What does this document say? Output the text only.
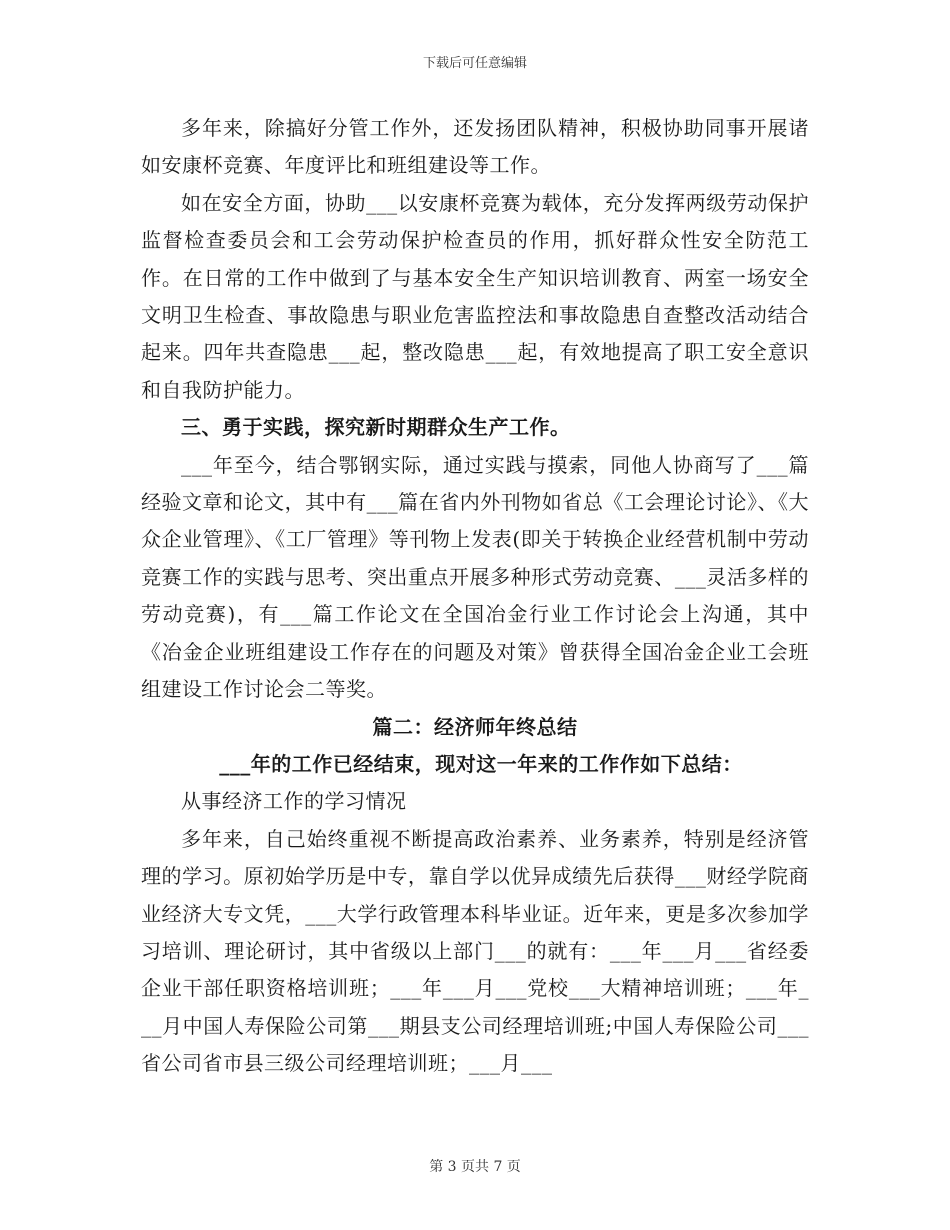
下载后可任意编辑

多年来，除搞好分管工作外，还发扬团队精神，积极协助同事开展诸如安康杯竞赛、年度评比和班组建设等工作。

如在安全方面，协助___以安康杯竞赛为载体，充分发挥两级劳动保护监督检查委员会和工会劳动保护检查员的作用，抓好群众性安全防范工作。在日常的工作中做到了与基本安全生产知识培训教育、两室一场安全文明卫生检查、事故隐患与职业危害监控法和事故隐患自查整改活动结合起来。四年共查隐患___起，整改隐患___起，有效地提高了职工安全意识和自我防护能力。

三、勇于实践，探究新时期群众生产工作。

___年至今，结合鄂钢实际，通过实践与摸索，同他人协商写了___篇经验文章和论文，其中有___篇在省内外刊物如省总《工会理论讨论》、《大众企业管理》、《工厂管理》等刊物上发表(即关于转换企业经营机制中劳动竞赛工作的实践与思考、突出重点开展多种形式劳动竞赛、___灵活多样的劳动竞赛)，有___篇工作论文在全国冶金行业工作讨论会上沟通，其中《冶金企业班组建设工作存在的问题及对策》曾获得全国冶金企业工会班组建设工作讨论会二等奖。

篇二：经济师年终总结

___年的工作已经结束，现对这一年来的工作作如下总结：

从事经济工作的学习情况

多年来，自己始终重视不断提高政治素养、业务素养，特别是经济管理的学习。原初始学历是中专，靠自学以优异成绩先后获得___财经学院商业经济大专文凭，___大学行政管理本科毕业证。近年来，更是多次参加学习培训、理论研讨，其中省级以上部门___的就有：___年___月___省经委企业干部任职资格培训班；___年___月___党校___大精神培训班；___年___月中国人寿保险公司第___期县支公司经理培训班;中国人寿保险公司___省公司省市县三级公司经理培训班；___月___

第 3 页共 7 页
